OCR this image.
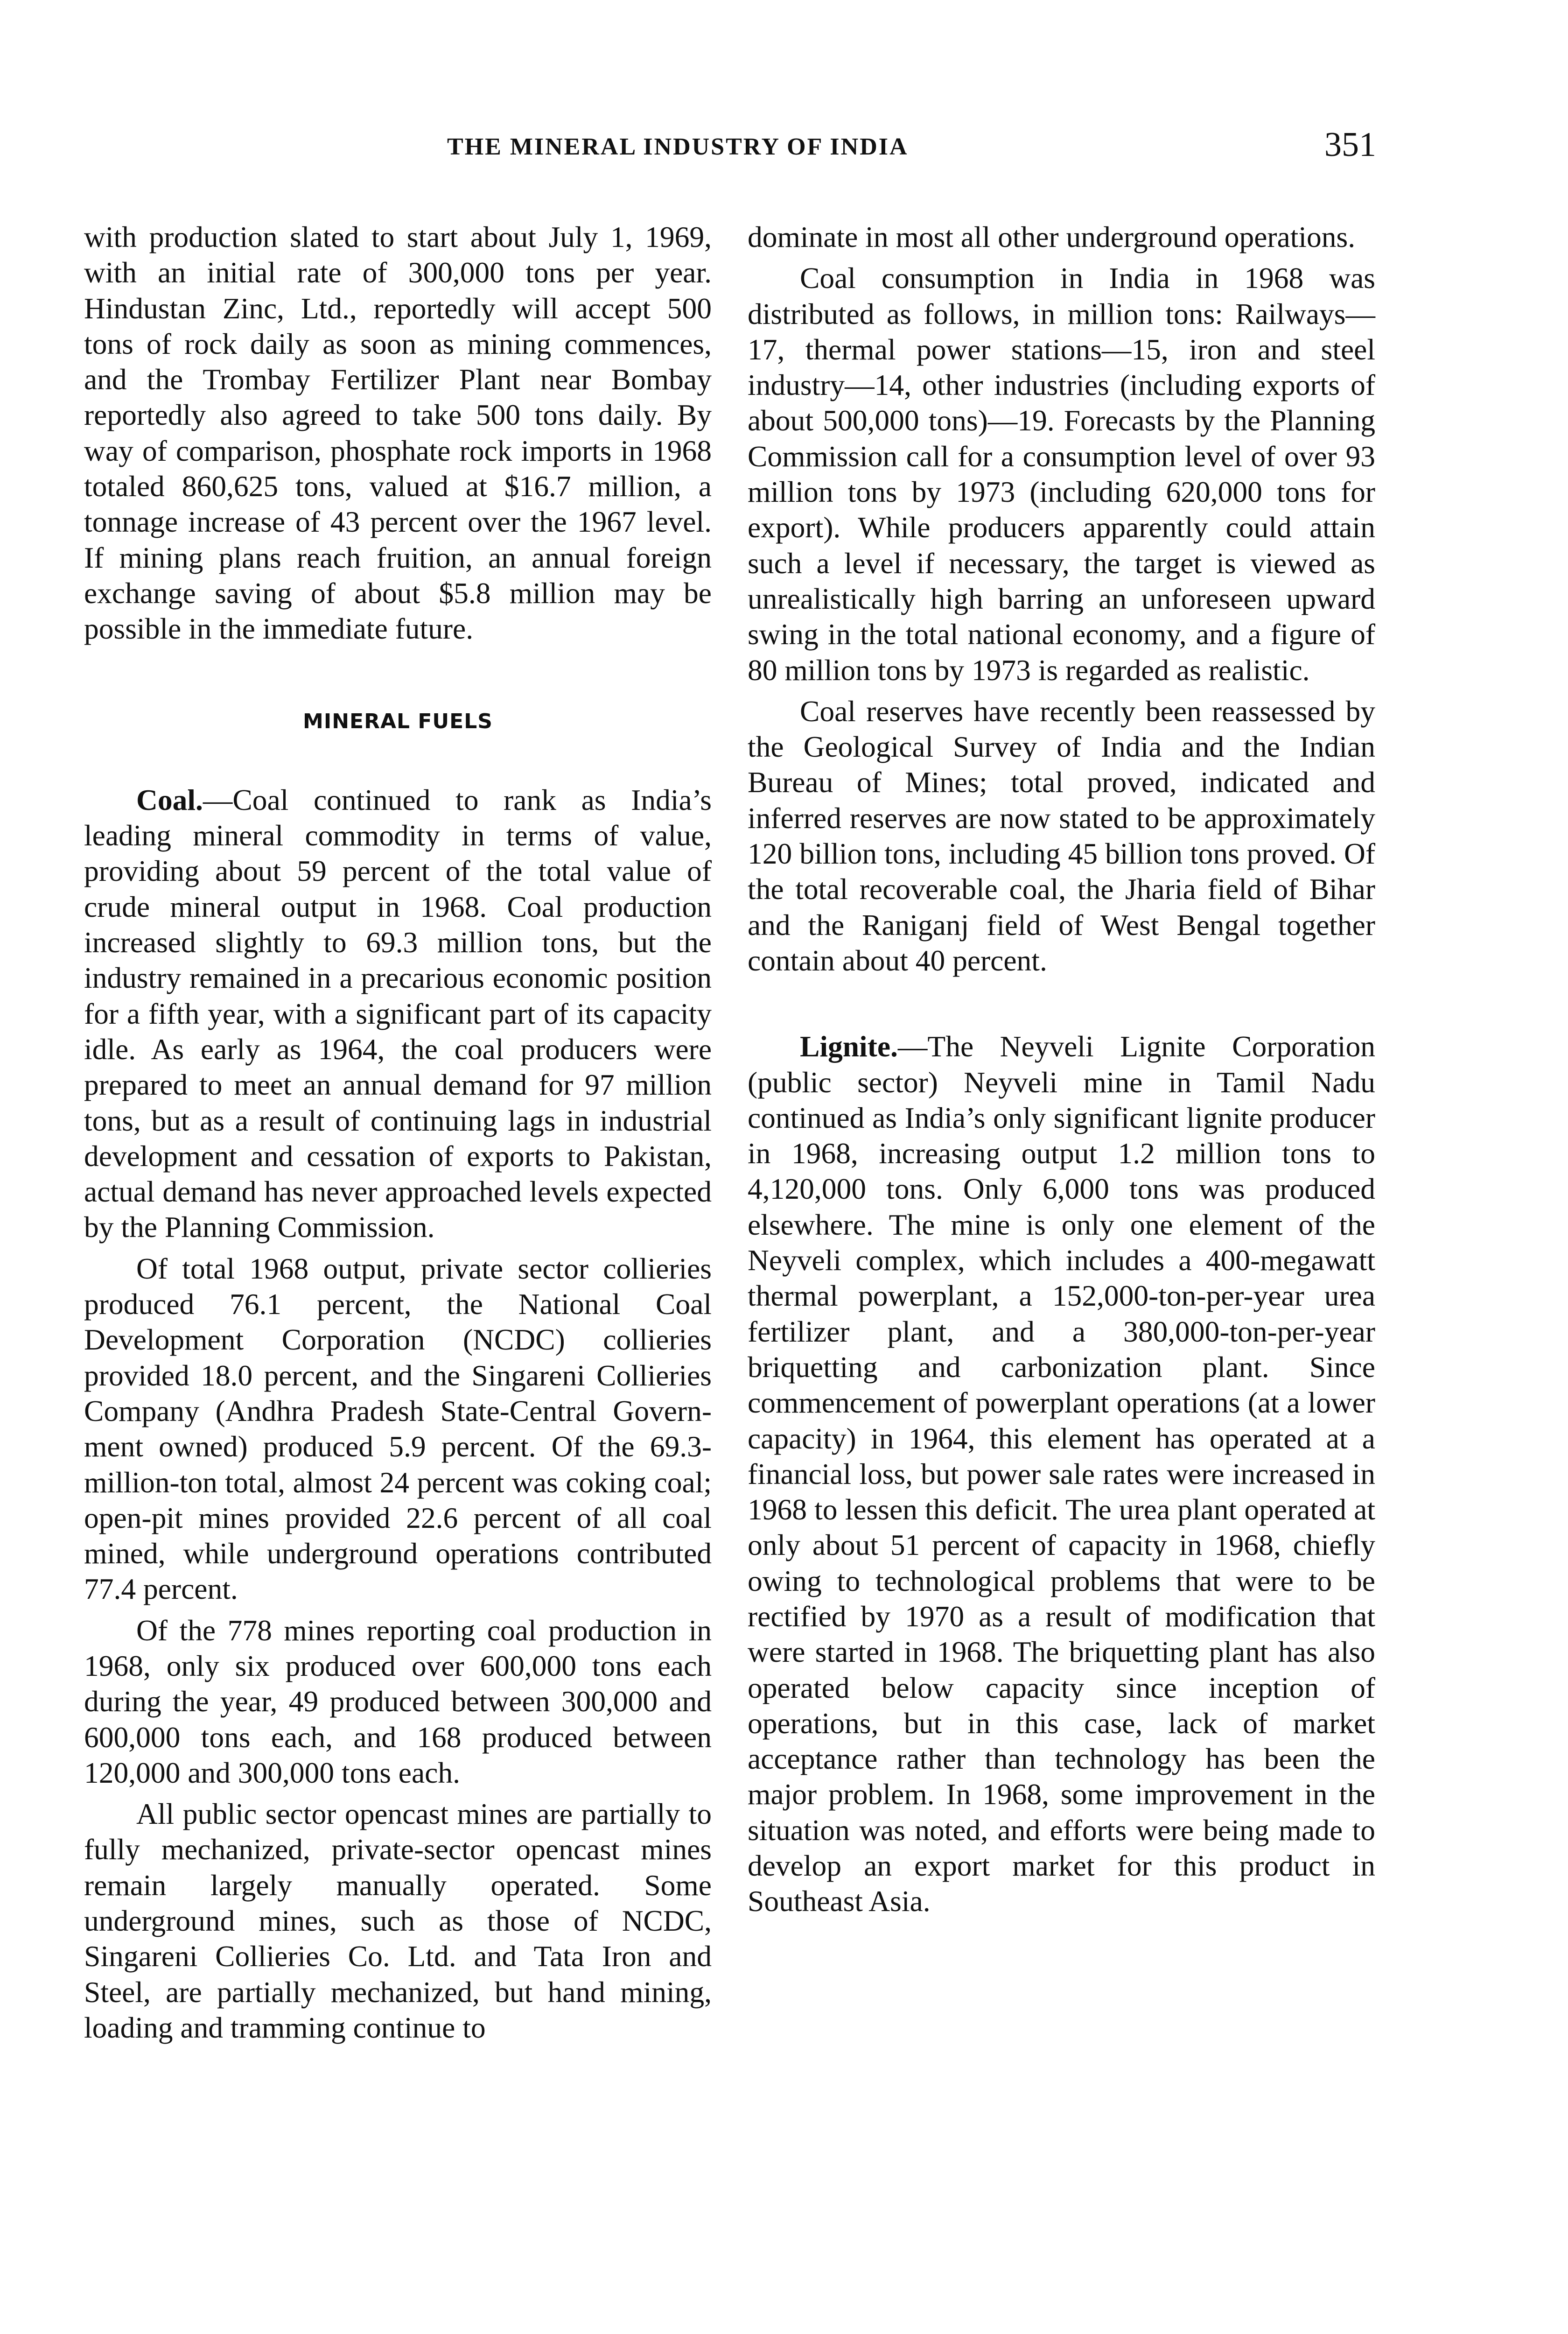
THE MINERAL INDUSTRY OF INDIA	351

with production slated to start about July 1, 1969, with an initial rate of 300,000 tons per year. Hindustan Zinc, Ltd., reportedly will accept 500 tons of rock daily as soon as mining commences, and the Trombay Fertilizer Plant near Bombay reportedly also agreed to take 500 tons daily. By way of comparison, phosphate rock imports in 1968 totaled 860,625 tons, valued at $16.7 million, a tonnage increase of 43 percent over the 1967 level. If mining plans reach fruition, an annual foreign exchange saving of about $5.8 million may be possible in the immediate future.

MINERAL FUELS

Coal.—Coal continued to rank as India’s leading mineral commodity in terms of value, providing about 59 percent of the total value of crude mineral output in 1968. Coal production increased slightly to 69.3 million tons, but the industry remained in a precarious economic position for a fifth year, with a significant part of its capacity idle. As early as 1964, the coal producers were prepared to meet an annual demand for 97 million tons, but as a result of continuing lags in industrial development and cessation of exports to Pakistan, actual demand has never approached levels expected by the Planning Commission.

Of total 1968 output, private sector collieries produced 76.1 percent, the National Coal Development Corporation (NCDC) collieries provided 18.0 percent, and the Singareni Collieries Company (Andhra Pradesh State-Central Government owned) produced 5.9 percent. Of the 69.3-million-ton total, almost 24 percent was coking coal; open-pit mines provided 22.6 percent of all coal mined, while underground operations contributed 77.4 percent.

Of the 778 mines reporting coal production in 1968, only six produced over 600,000 tons each during the year, 49 produced between 300,000 and 600,000 tons each, and 168 produced between 120,000 and 300,000 tons each.

All public sector opencast mines are partially to fully mechanized, private-sector opencast mines remain largely manually operated. Some underground mines, such as those of NCDC, Singareni Collieries Co. Ltd. and Tata Iron and Steel, are partially mechanized, but hand mining, loading and tramming continue to

dominate in most all other underground operations.

Coal consumption in India in 1968 was distributed as follows, in million tons: Railways—17, thermal power stations—15, iron and steel industry—14, other industries (including exports of about 500,000 tons)—19. Forecasts by the Planning Commission call for a consumption level of over 93 million tons by 1973 (including 620,000 tons for export). While producers apparently could attain such a level if necessary, the target is viewed as unrealistically high barring an unforeseen upward swing in the total national economy, and a figure of 80 million tons by 1973 is regarded as realistic.

Coal reserves have recently been reassessed by the Geological Survey of India and the Indian Bureau of Mines; total proved, indicated and inferred reserves are now stated to be approximately 120 billion tons, including 45 billion tons proved. Of the total recoverable coal, the Jharia field of Bihar and the Raniganj field of West Bengal together contain about 40 percent.

Lignite.—The Neyveli Lignite Corporation (public sector) Neyveli mine in Tamil Nadu continued as India’s only significant lignite producer in 1968, increasing output 1.2 million tons to 4,120,000 tons. Only 6,000 tons was produced elsewhere. The mine is only one element of the Neyveli complex, which includes a 400-megawatt thermal powerplant, a 152,000-ton-per-year urea fertilizer plant, and a 380,000-ton-per-year briquetting and carbonization plant. Since commencement of powerplant operations (at a lower capacity) in 1964, this element has operated at a financial loss, but power sale rates were increased in 1968 to lessen this deficit. The urea plant operated at only about 51 percent of capacity in 1968, chiefly owing to technological problems that were to be rectified by 1970 as a result of modification that were started in 1968. The briquetting plant has also operated below capacity since inception of operations, but in this case, lack of market acceptance rather than technology has been the major problem. In 1968, some improvement in the situation was noted, and efforts were being made to develop an export market for this product in Southeast Asia.
